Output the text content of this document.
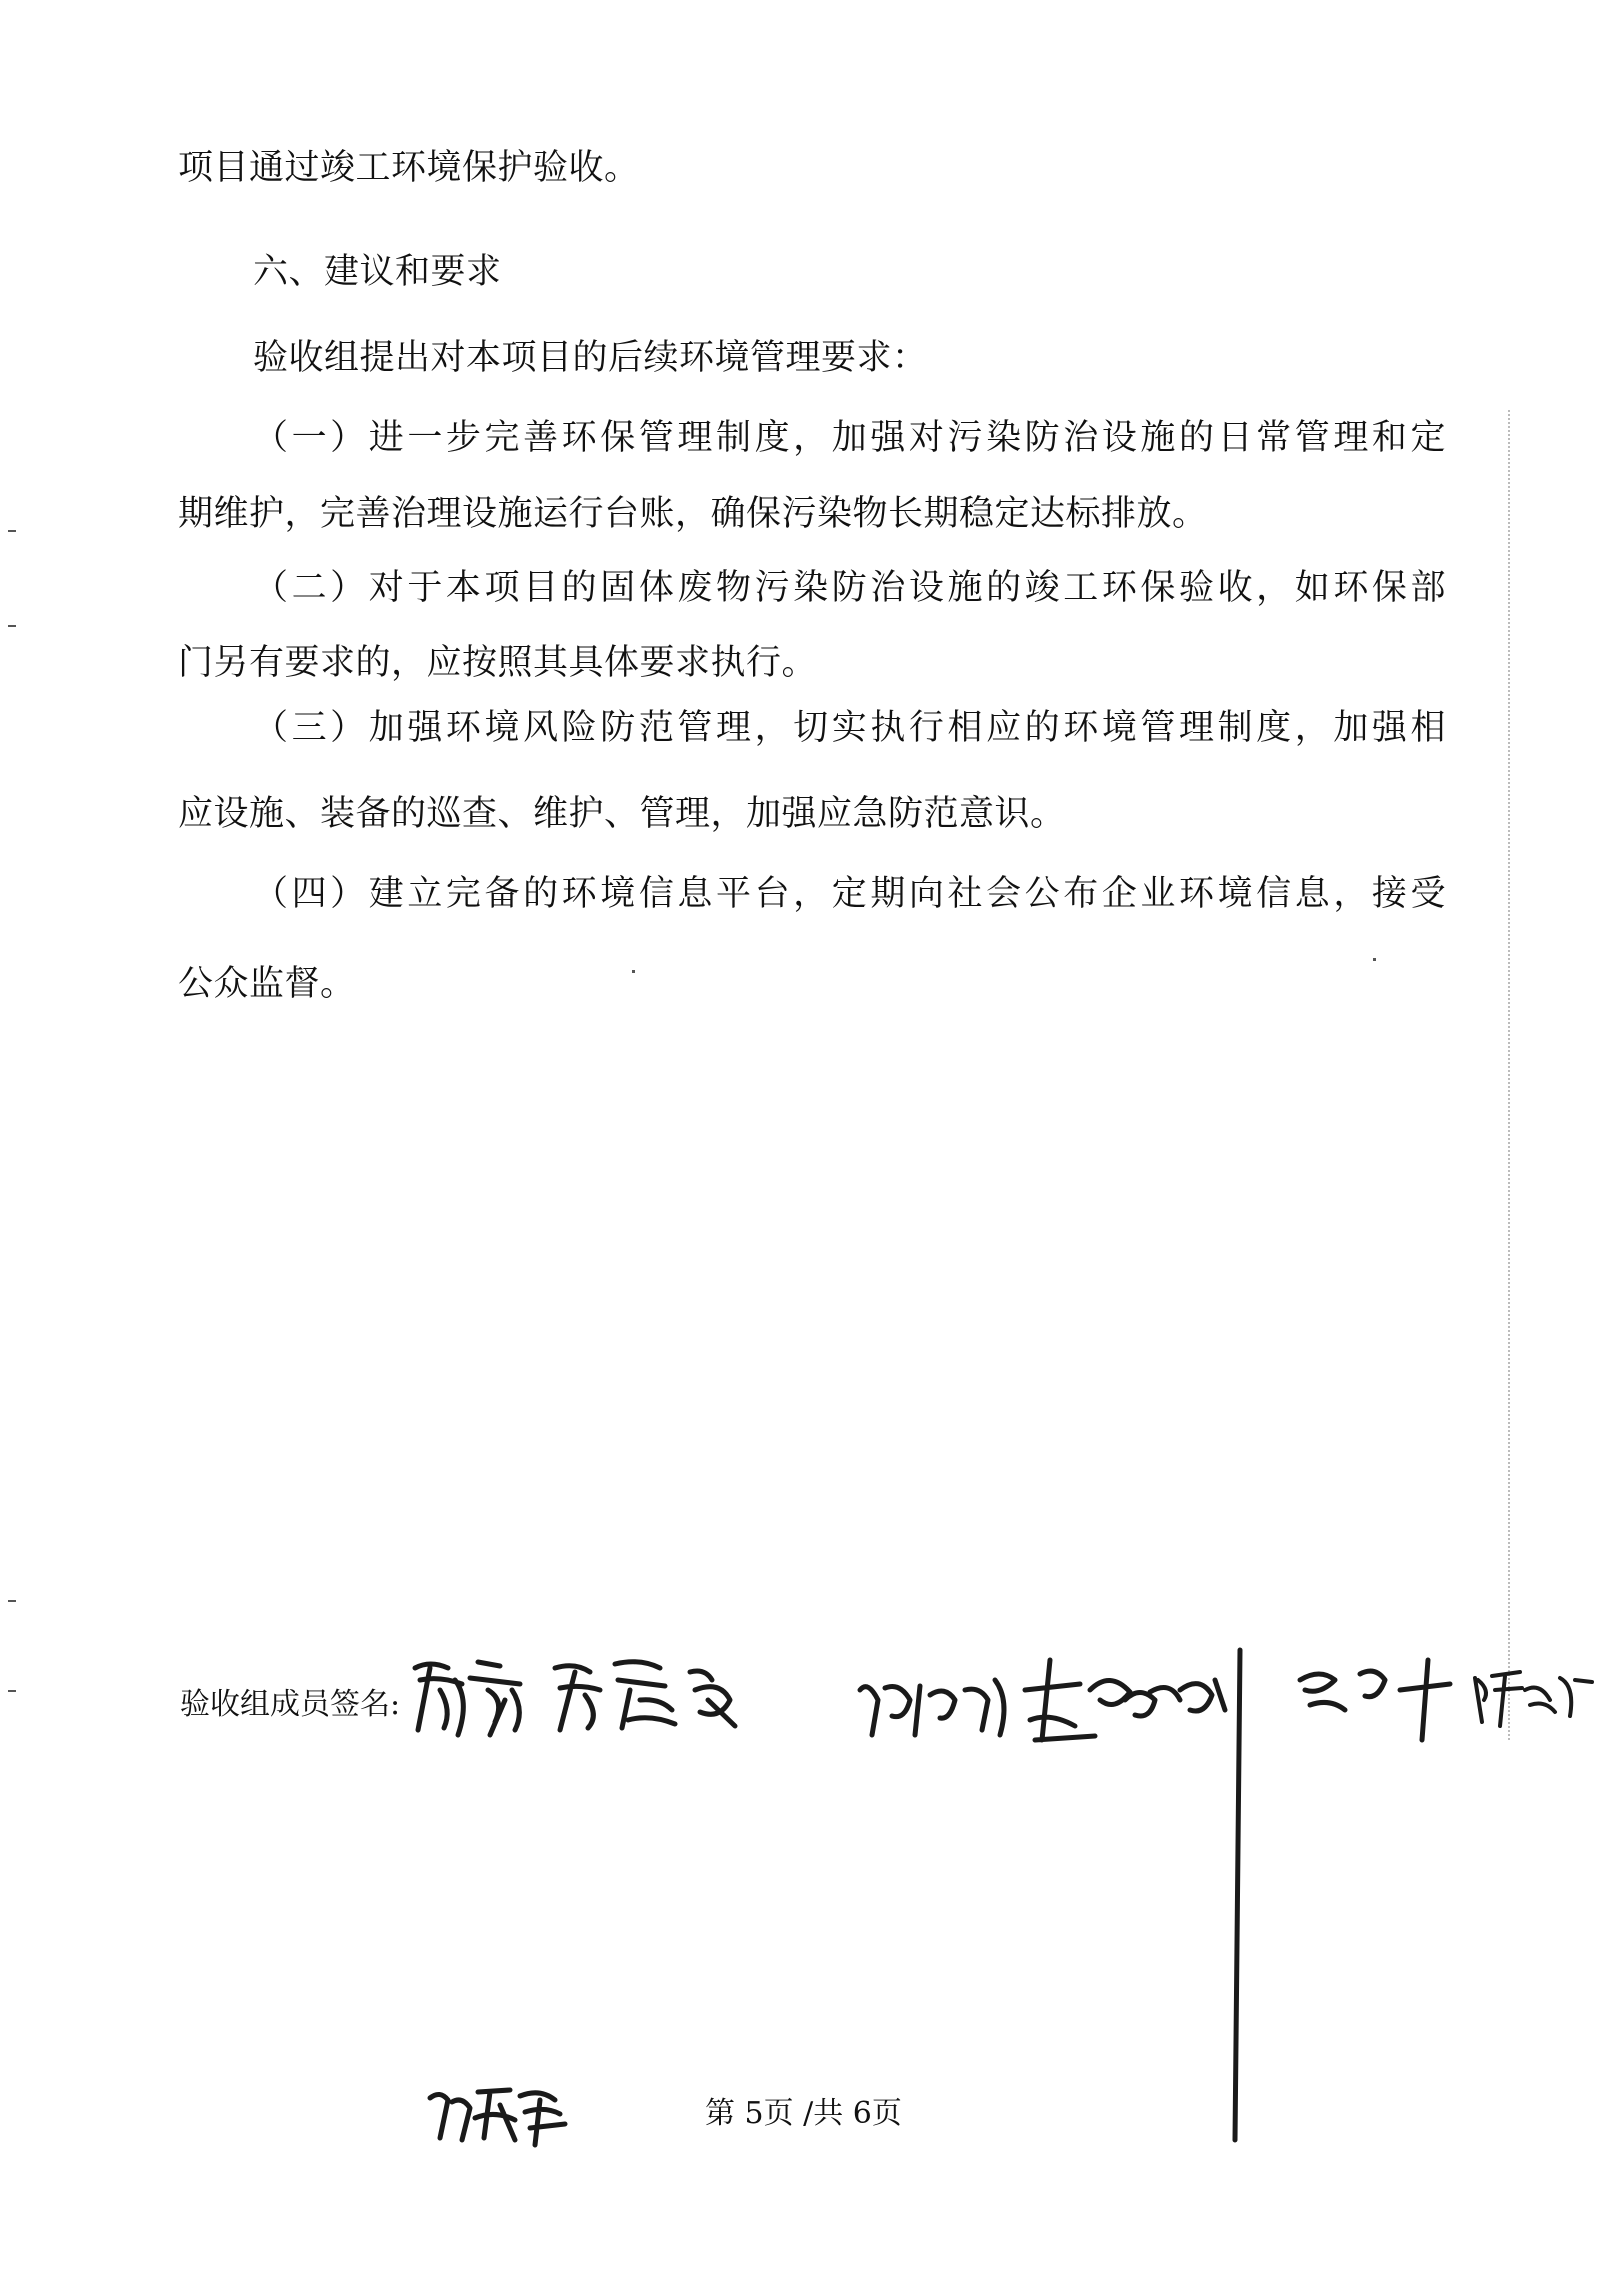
项目通过竣工环境保护验收。
六、建议和要求
验收组提出对本项目的后续环境管理要求：
（一）进一步完善环保管理制度，加强对污染防治设施的日常管理和定
期维护，完善治理设施运行台账，确保污染物长期稳定达标排放。
（二）对于本项目的固体废物污染防治设施的竣工环保验收，如环保部
门另有要求的，应按照其具体要求执行。
（三）加强环境风险防范管理，切实执行相应的环境管理制度，加强相
应设施、装备的巡查、维护、管理，加强应急防范意识。
（四）建立完备的环境信息平台，定期向社会公布企业环境信息，接受
公众监督。
验收组成员签名:
第 5页 /共 6页
